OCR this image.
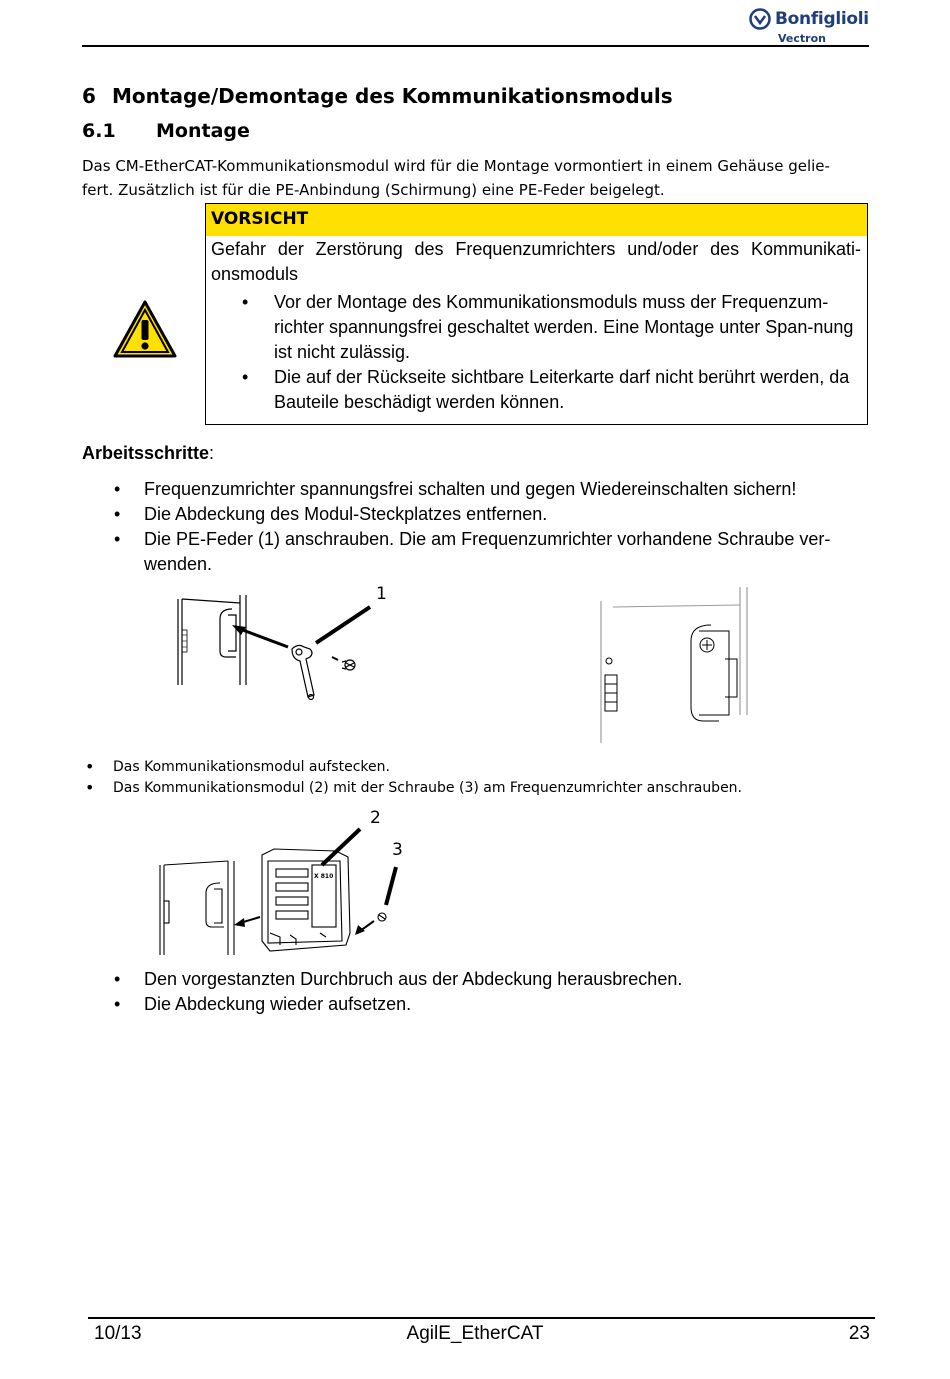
Bonfiglioli
Vectron
6 Montage/Demontage des Kommunikationsmoduls
6.1 Montage
Das CM-EtherCAT-Kommunikationsmodul wird für die Montage vormontiert in einem Gehäuse gelie-
fert. Zusätzlich ist für die PE-Anbindung (Schirmung) eine PE-Feder beigelegt.
VORSICHT
Gefahr der Zerstörung des Frequenzumrichters und/oder des Kommunikati-onsmoduls
• Vor der Montage des Kommunikationsmoduls muss der Frequenzum-richter spannungsfrei geschaltet werden. Eine Montage unter Span-nung ist nicht zulässig.
• Die auf der Rückseite sichtbare Leiterkarte darf nicht berührt werden, da Bauteile beschädigt werden können.
Arbeitsschritte:
• Frequenzumrichter spannungsfrei schalten und gegen Wiedereinschalten sichern!
• Die Abdeckung des Modul-Steckplatzes entfernen.
• Die PE-Feder (1) anschrauben. Die am Frequenzumrichter vorhandene Schraube ver-wenden.
1
• Das Kommunikationsmodul aufstecken.
• Das Kommunikationsmodul (2) mit der Schraube (3) am Frequenzumrichter anschrauben.
X 810
2
3
• Den vorgestanzten Durchbruch aus der Abdeckung herausbrechen.
• Die Abdeckung wieder aufsetzen.
10/13	AgilE_EtherCAT	23
